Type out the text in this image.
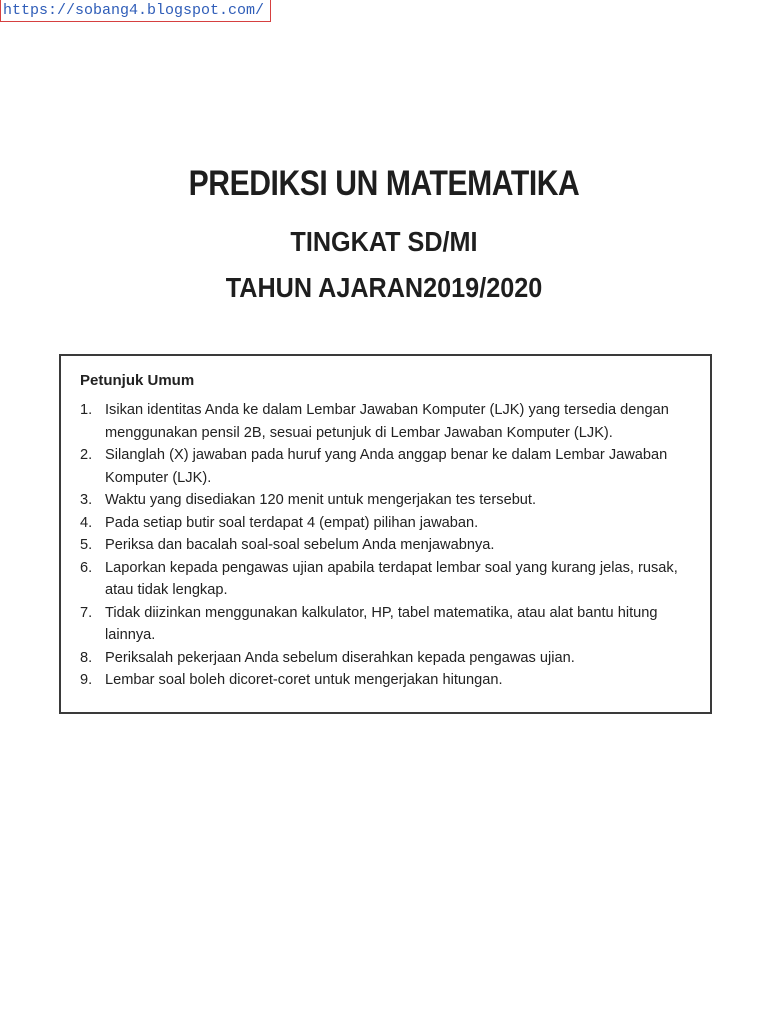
https://sobang4.blogspot.com/
PREDIKSI UN MATEMATIKA
TINGKAT SD/MI
TAHUN AJARAN2019/2020
Petunjuk Umum
1. Isikan identitas Anda ke dalam Lembar Jawaban Komputer (LJK) yang tersedia dengan menggunakan pensil 2B, sesuai petunjuk di Lembar Jawaban Komputer (LJK).
2. Silanglah (X) jawaban pada huruf yang Anda anggap benar ke dalam Lembar Jawaban Komputer (LJK).
3. Waktu yang disediakan 120 menit untuk mengerjakan tes tersebut.
4. Pada setiap butir soal terdapat 4 (empat) pilihan jawaban.
5. Periksa dan bacalah soal-soal sebelum Anda menjawabnya.
6. Laporkan kepada pengawas ujian apabila terdapat lembar soal yang kurang jelas, rusak, atau tidak lengkap.
7. Tidak diizinkan menggunakan kalkulator, HP, tabel matematika, atau alat bantu hitung lainnya.
8. Periksalah pekerjaan Anda sebelum diserahkan kepada pengawas ujian.
9. Lembar soal boleh dicoret-coret untuk mengerjakan hitungan.
